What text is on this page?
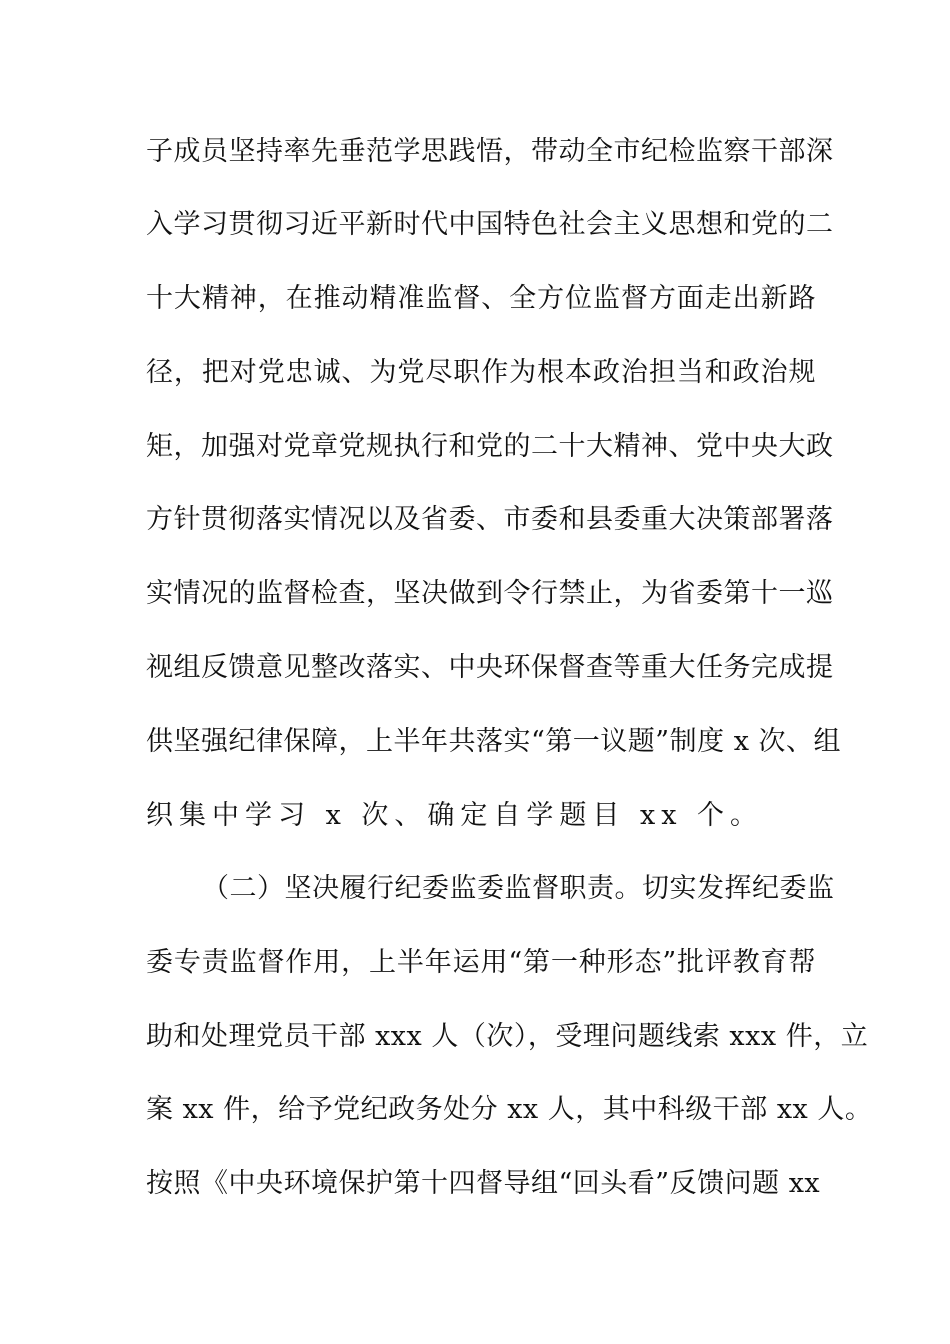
子成员坚持率先垂范学思践悟，带动全市纪检监察干部深
入学习贯彻习近平新时代中国特色社会主义思想和党的二
十大精神，在推动精准监督、全方位监督方面走出新路
径，把对党忠诚、为党尽职作为根本政治担当和政治规
矩，加强对党章党规执行和党的二十大精神、党中央大政
方针贯彻落实情况以及省委、市委和县委重大决策部署落
实情况的监督检查，坚决做到令行禁止，为省委第十一巡
视组反馈意见整改落实、中央环保督查等重大任务完成提
供坚强纪律保障，上半年共落实“第一议题”制度 x 次、组
织集中学习 x 次、确定自学题目 xx 个。
（二）坚决履行纪委监委监督职责。切实发挥纪委监
委专责监督作用，上半年运用“第一种形态”批评教育帮
助和处理党员干部 xxx 人（次），受理问题线索 xxx 件，立
案 xx 件，给予党纪政务处分 xx 人，其中科级干部 xx 人。
按照《中央环境保护第十四督导组“回头看”反馈问题 xx
